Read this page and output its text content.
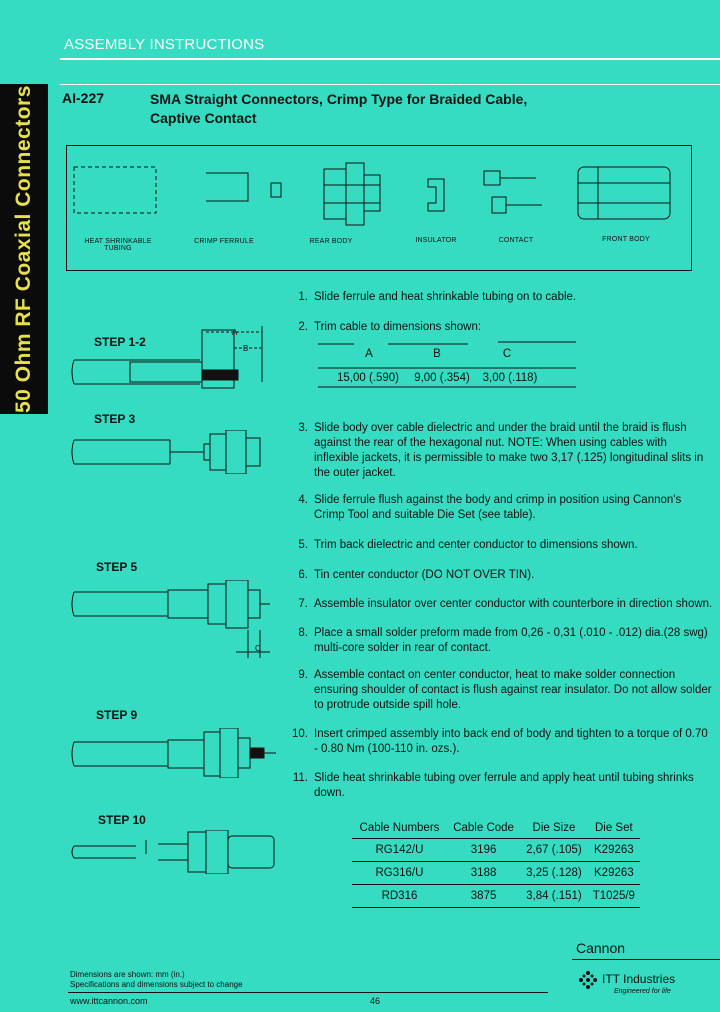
ASSEMBLY INSTRUCTIONS
50 Ohm RF Coaxial Connectors	AI-227	SMA Straight Connectors, Crimp Type for Braided Cable,
Captive Contact
HEAT SHRINKABLE TUBING
CRIMP FERRULE	REAR BODY	INSULATOR	CONTACT	FRONT BODY
STEP 1-2
STEP 3
STEP 5
STEP 9
STEP 10
A
B
C
1. Slide ferrule and heat shrinkable tubing on to cable.
2. Trim cable to dimensions shown:
A	B	C
15,00 (.590)	9,00 (.354)	3,00 (.118)
3. Slide body over cable dielectric and under the braid until the braid is flush against the rear of the hexagonal nut. NOTE: When using cables with inflexible jackets, it is permissible to make two 3,17 (.125) longitudinal slits in the outer jacket.
4. Slide ferrule flush against the body and crimp in position using Cannon's Crimp Tool and suitable Die Set (see table).
5. Trim back dielectric and center conductor to dimensions shown.
6. Tin center conductor (DO NOT OVER TIN).
7. Assemble insulator over center conductor with counterbore in direction shown.
8. Place a small solder preform made from 0,26 - 0,31 (.010 - .012) dia.(28 swg) multi-core solder in rear of contact.
9. Assemble contact on center conductor, heat to make solder connection ensuring shoulder of contact is flush against rear insulator. Do not allow solder to protrude outside spill hole.
10. Insert crimped assembly into back end of body and tighten to a torque of 0.70 - 0.80 Nm (100-110 in. ozs.).
11. Slide heat shrinkable tubing over ferrule and apply heat until tubing shrinks down.
Cable Numbers	Cable Code	Die Size	Die Set
RG142/U	3196	2,67 (.105)	K29263
RG316/U	3188	3,25 (.128)	K29263
RD316	3875	3,84 (.151)	T1025/9
Cannon
ITT Industries
Engineered for life
Dimensions are shown: mm (in.)
Specifications and dimensions subject to change
www.ittcannon.com	46
